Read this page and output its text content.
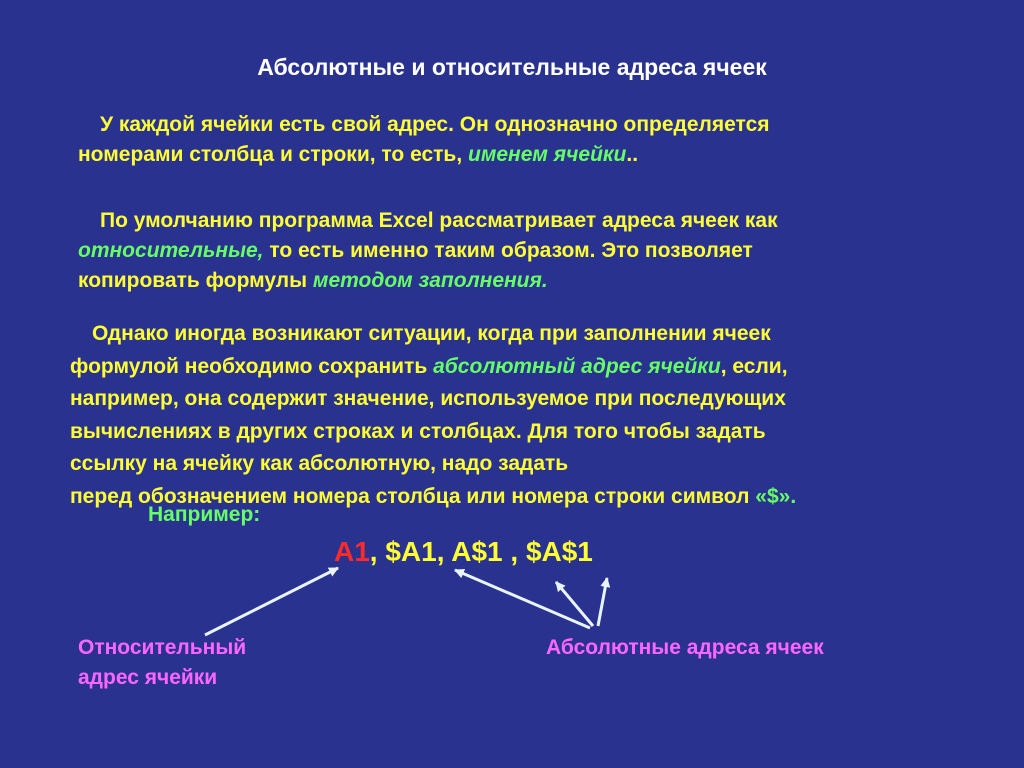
Абсолютные и относительные адреса ячеек
У каждой ячейки есть свой адрес. Он однозначно определяется
номерами столбца и строки, то есть, именем ячейки..
По умолчанию программа Excel рассматривает адреса ячеек как
относительные, то есть именно таким образом. Это позволяет
копировать формулы методом заполнения.
Однако иногда возникают ситуации, когда при заполнении ячеек
формулой необходимо сохранить абсолютный адрес ячейки, если,
например, она содержит значение, используемое при последующих
вычислениях в других строках и столбцах. Для того чтобы задать
ссылку на ячейку как абсолютную, надо задать
перед обозначением номера столбца или номера строки символ «$».
Например:
A1, $A1, A$1 , $A$1
Относительный
адрес ячейки
Абсолютные адреса ячеек
